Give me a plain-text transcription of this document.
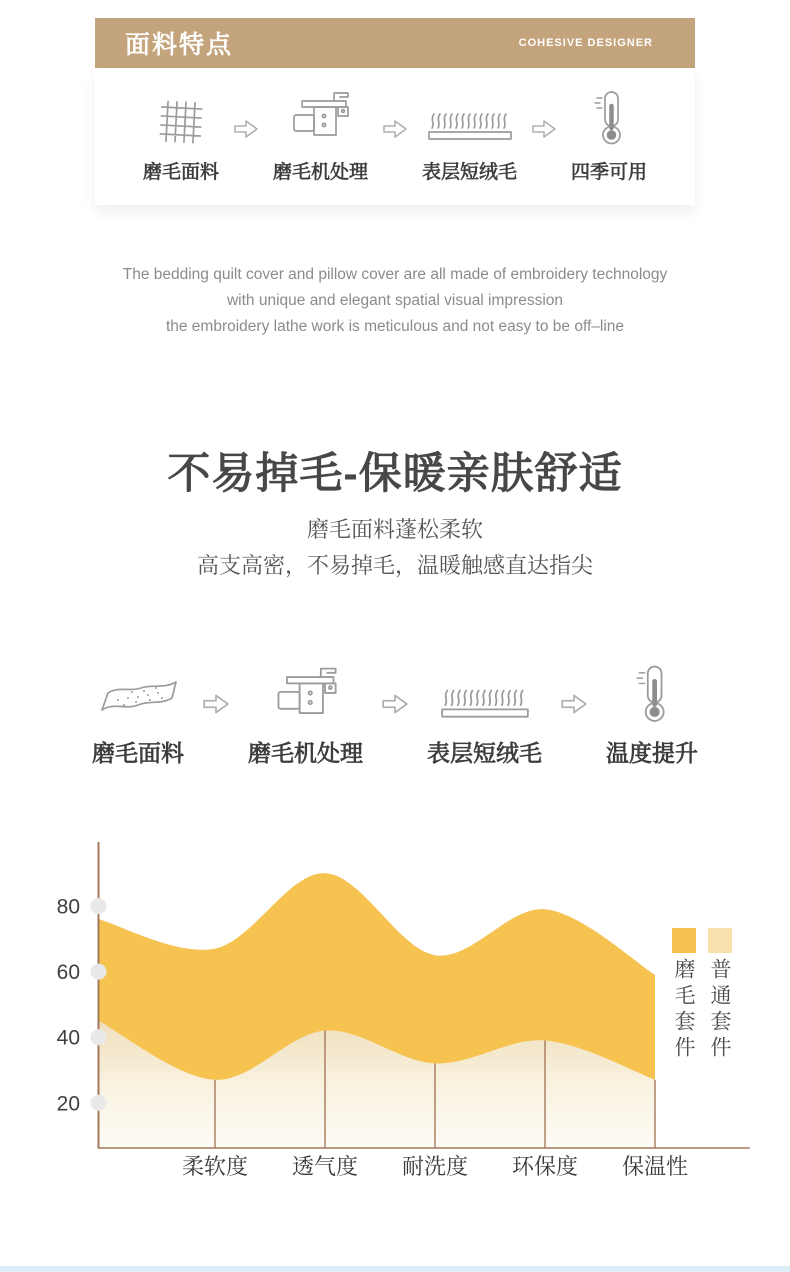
面料特点	COHESIVE DESIGNER
磨毛面料	磨毛机处理	表层短绒毛	四季可用
The bedding quilt cover and pillow cover are all made of embroidery technology
with unique and elegant spatial visual impression
the embroidery lathe work is meticulous and not easy to be off–line
不易掉毛-保暖亲肤舒适
磨毛面料蓬松柔软
高支高密，不易掉毛，温暖触感直达指尖
磨毛面料	磨毛机处理	表层短绒毛	温度提升
80
60
40
20
柔软度 透气度 耐洗度 环保度 保温性
磨毛套件 普通套件
